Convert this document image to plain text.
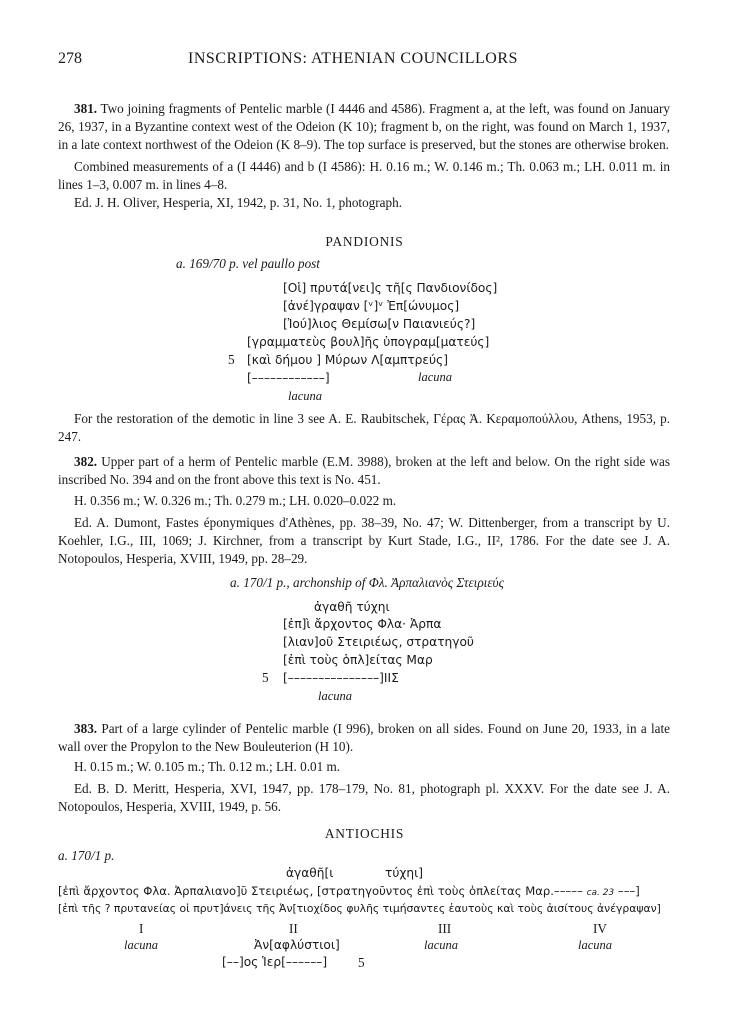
278	INSCRIPTIONS: ATHENIAN COUNCILLORS
381. Two joining fragments of Pentelic marble (I 4446 and 4586). Fragment a, at the left, was found on January 26, 1937, in a Byzantine context west of the Odeion (K 10); fragment b, on the right, was found on March 1, 1937, in a late context northwest of the Odeion (K 8–9). The top surface is preserved, but the stones are otherwise broken.
Combined measurements of a (I 4446) and b (I 4586): H. 0.16 m.; W. 0.146 m.; Th. 0.063 m.; LH. 0.011 m. in lines 1–3, 0.007 m. in lines 4–8.
Ed. J. H. Oliver, Hesperia, XI, 1942, p. 31, No. 1, photograph.
PANDIONIS
a. 169/70 p. vel paullo post
[Οἱ] πρυτά[νει]ς τῆ[ς Πανδιονίδος]
[ἀνέ]γραψαν [ᵛ]ᵛ Ἐπ[ώνυμος]
[Ἰού]λιος Θεμίσω[ν Παιανιεύς?]
[γραμματεὺς βουλ]ῆς ὑπογραμ[ματεύς]
5 [καὶ δήμου ] Μύρων Λ[αμπτρεύς]
[––––––––––––]	lacuna
lacuna
For the restoration of the demotic in line 3 see A. E. Raubitschek, Γέρας Ἀ. Κεραμοπούλλου, Athens, 1953, p. 247.
382. Upper part of a herm of Pentelic marble (E.M. 3988), broken at the left and below. On the right side was inscribed No. 394 and on the front above this text is No. 451.
H. 0.356 m.; W. 0.326 m.; Th. 0.279 m.; LH. 0.020–0.022 m.
Ed. A. Dumont, Fastes éponymiques d'Athènes, pp. 38–39, No. 47; W. Dittenberger, from a transcript by U. Koehler, I.G., III, 1069; J. Kirchner, from a transcript by Kurt Stade, I.G., II², 1786. For the date see J. A. Notopoulos, Hesperia, XVIII, 1949, pp. 28–29.
a. 170/1 p., archonship of Φλ. Ἀρπαλιανὸς Στειριεύς
ἀγαθῆ τύχηι
[ἐπ]ὶ ἄρχοντος Φλα· Ἀρπα
[λιαν]οῦ Στειριέως, στρατηγοῦ
[ἐπὶ τοὺς ὁπλ]είτας Μαρ
5 [–––––––––––––––]ΙΙΣ
lacuna
383. Part of a large cylinder of Pentelic marble (I 996), broken on all sides. Found on June 20, 1933, in a late wall over the Propylon to the New Bouleuterion (H 10).
H. 0.15 m.; W. 0.105 m.; Th. 0.12 m.; LH. 0.01 m.
Ed. B. D. Meritt, Hesperia, XVI, 1947, pp. 178–179, No. 81, photograph pl. XXXV. For the date see J. A. Notopoulos, Hesperia, XVIII, 1949, p. 56.
ANTIOCHIS
a. 170/1 p.
ἀγαθῆ[ι	τύχηι]
[ἐπὶ ἄρχοντος Φλα. Ἀρπαλιανο]ῦ Στειριέως, [στρατηγοῦντος ἐπὶ τοὺς ὁπλείτας Μαρ.––––– ca. 23 –––]
[ἐπὶ τῆς ? πρυτανείας οἱ πρυτ]άνεις τῆς Ἀν[τιοχίδος φυλῆς τιμήσαντες ἑαυτοὺς καὶ τοὺς ἀισίτους ἀνέγραψαν]
I	II	III	IV
lacuna	Ἀν[αφλύστιοι]	lacuna	lacuna
[––]ος Ἱερ[––––––] 5
